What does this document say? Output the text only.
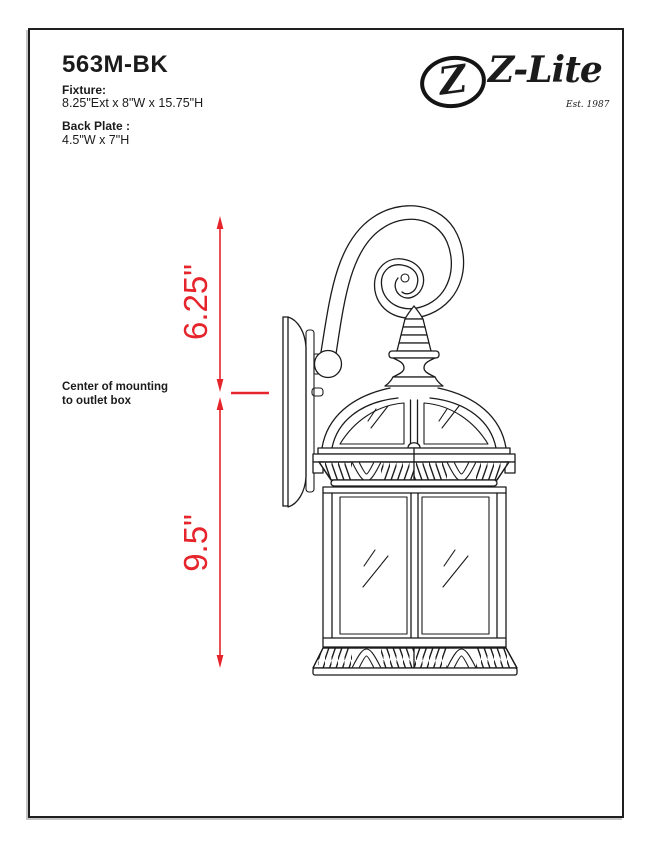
563M-BK
Fixture:
8.25"Ext x 8"W x 15.75"H
Back Plate :
4.5"W x 7"H
Z Z-Lite
Est. 1987
Center of mounting
to outlet box
6.25"
9.5"
